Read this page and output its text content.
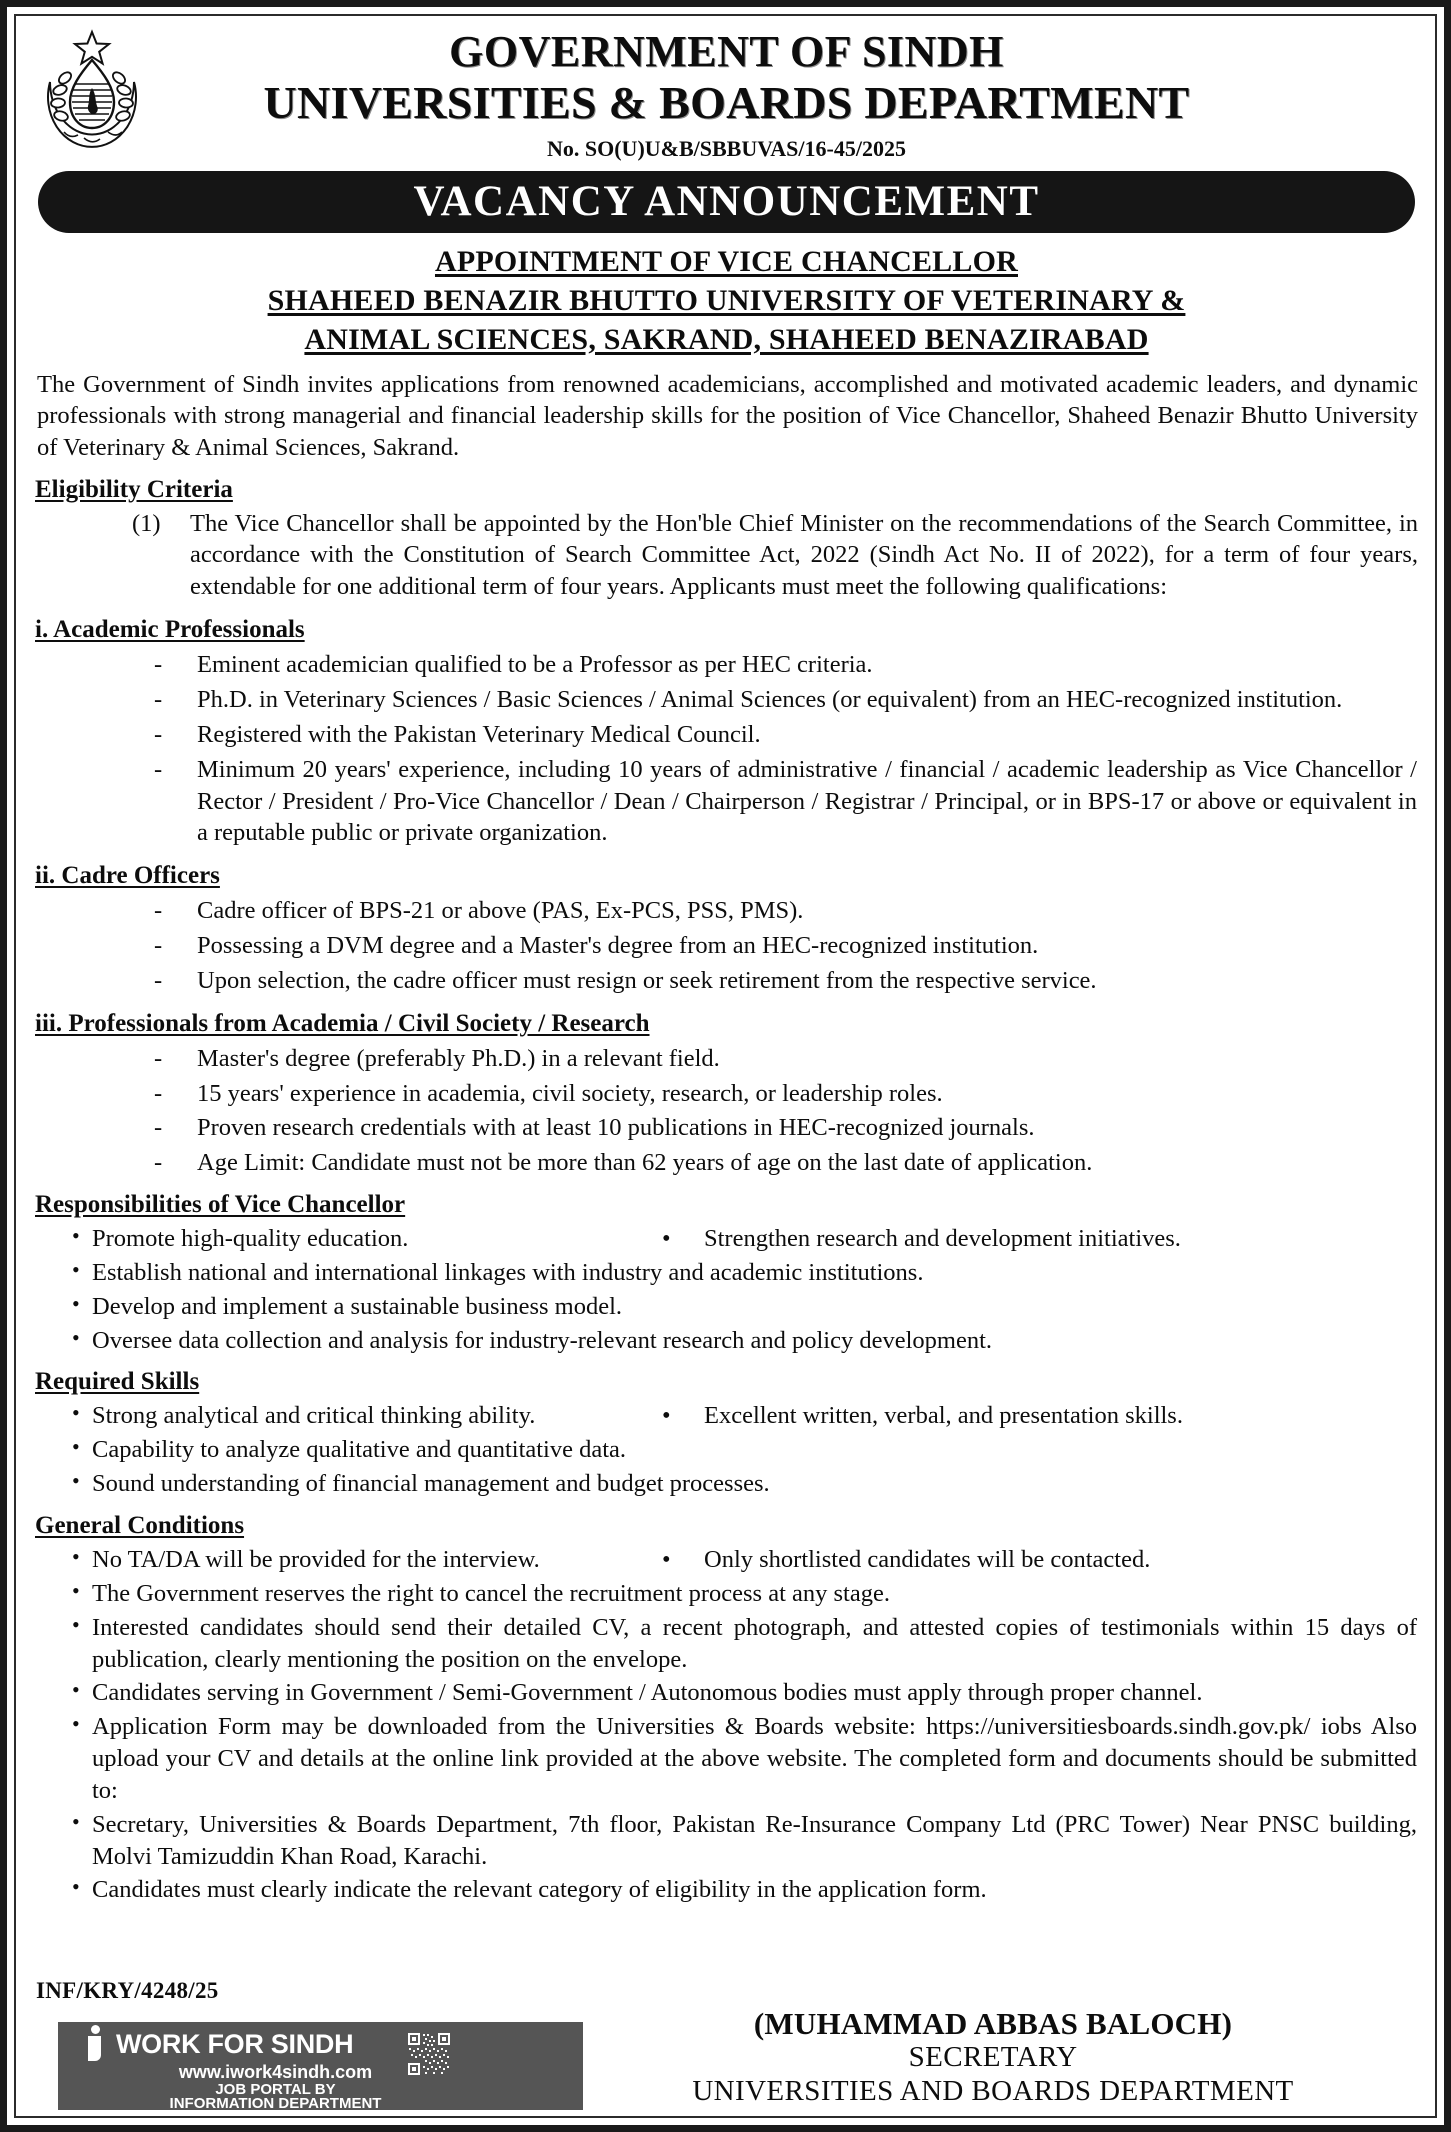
GOVERNMENT OF SINDH
UNIVERSITIES & BOARDS DEPARTMENT
No. SO(U)U&B/SBBUVAS/16-45/2025
VACANCY ANNOUNCEMENT
APPOINTMENT OF VICE CHANCELLOR
SHAHEED BENAZIR BHUTTO UNIVERSITY OF VETERINARY &
ANIMAL SCIENCES, SAKRAND, SHAHEED BENAZIRABAD

The Government of Sindh invites applications from renowned academicians, accomplished and motivated academic leaders, and dynamic professionals with strong managerial and financial leadership skills for the position of Vice Chancellor, Shaheed Benazir Bhutto University of Veterinary & Animal Sciences, Sakrand.

Eligibility Criteria
(1)	The Vice Chancellor shall be appointed by the Hon'ble Chief Minister on the recommendations of the Search Committee, in accordance with the Constitution of Search Committee Act, 2022 (Sindh Act No. II of 2022), for a term of four years, extendable for one additional term of four years. Applicants must meet the following qualifications:
i. Academic Professionals
- Eminent academician qualified to be a Professor as per HEC criteria.
- Ph.D. in Veterinary Sciences / Basic Sciences / Animal Sciences (or equivalent) from an HEC-recognized institution.
- Registered with the Pakistan Veterinary Medical Council.
- Minimum 20 years' experience, including 10 years of administrative / financial / academic leadership as Vice Chancellor / Rector / President / Pro-Vice Chancellor / Dean / Chairperson / Registrar / Principal, or in BPS-17 or above or equivalent in a reputable public or private organization.
ii. Cadre Officers
- Cadre officer of BPS-21 or above (PAS, Ex-PCS, PSS, PMS).
- Possessing a DVM degree and a Master's degree from an HEC-recognized institution.
- Upon selection, the cadre officer must resign or seek retirement from the respective service.
iii. Professionals from Academia / Civil Society / Research
- Master's degree (preferably Ph.D.) in a relevant field.
- 15 years' experience in academia, civil society, research, or leadership roles.
- Proven research credentials with at least 10 publications in HEC-recognized journals.
- Age Limit: Candidate must not be more than 62 years of age on the last date of application.
Responsibilities of Vice Chancellor
• Promote high-quality education.	• Strengthen research and development initiatives.
• Establish national and international linkages with industry and academic institutions.
• Develop and implement a sustainable business model.
• Oversee data collection and analysis for industry-relevant research and policy development.
Required Skills
• Strong analytical and critical thinking ability.	• Excellent written, verbal, and presentation skills.
• Capability to analyze qualitative and quantitative data.
• Sound understanding of financial management and budget processes.
General Conditions
• No TA/DA will be provided for the interview.	• Only shortlisted candidates will be contacted.
• The Government reserves the right to cancel the recruitment process at any stage.
• Interested candidates should send their detailed CV, a recent photograph, and attested copies of testimonials within 15 days of publication, clearly mentioning the position on the envelope.
• Candidates serving in Government / Semi-Government / Autonomous bodies must apply through proper channel.
• Application Form may be downloaded from the Universities & Boards website: https://universitiesboards.sindh.gov.pk/ iobs Also upload your CV and details at the online link provided at the above website. The completed form and documents should be submitted to:
• Secretary, Universities & Boards Department, 7th floor, Pakistan Re-Insurance Company Ltd (PRC Tower) Near PNSC building, Molvi Tamizuddin Khan Road, Karachi.
• Candidates must clearly indicate the relevant category of eligibility in the application form.
INF/KRY/4248/25
WORK FOR SINDH
www.iwork4sindh.com
JOB PORTAL BY
INFORMATION DEPARTMENT
(MUHAMMAD ABBAS BALOCH)
SECRETARY
UNIVERSITIES AND BOARDS DEPARTMENT
